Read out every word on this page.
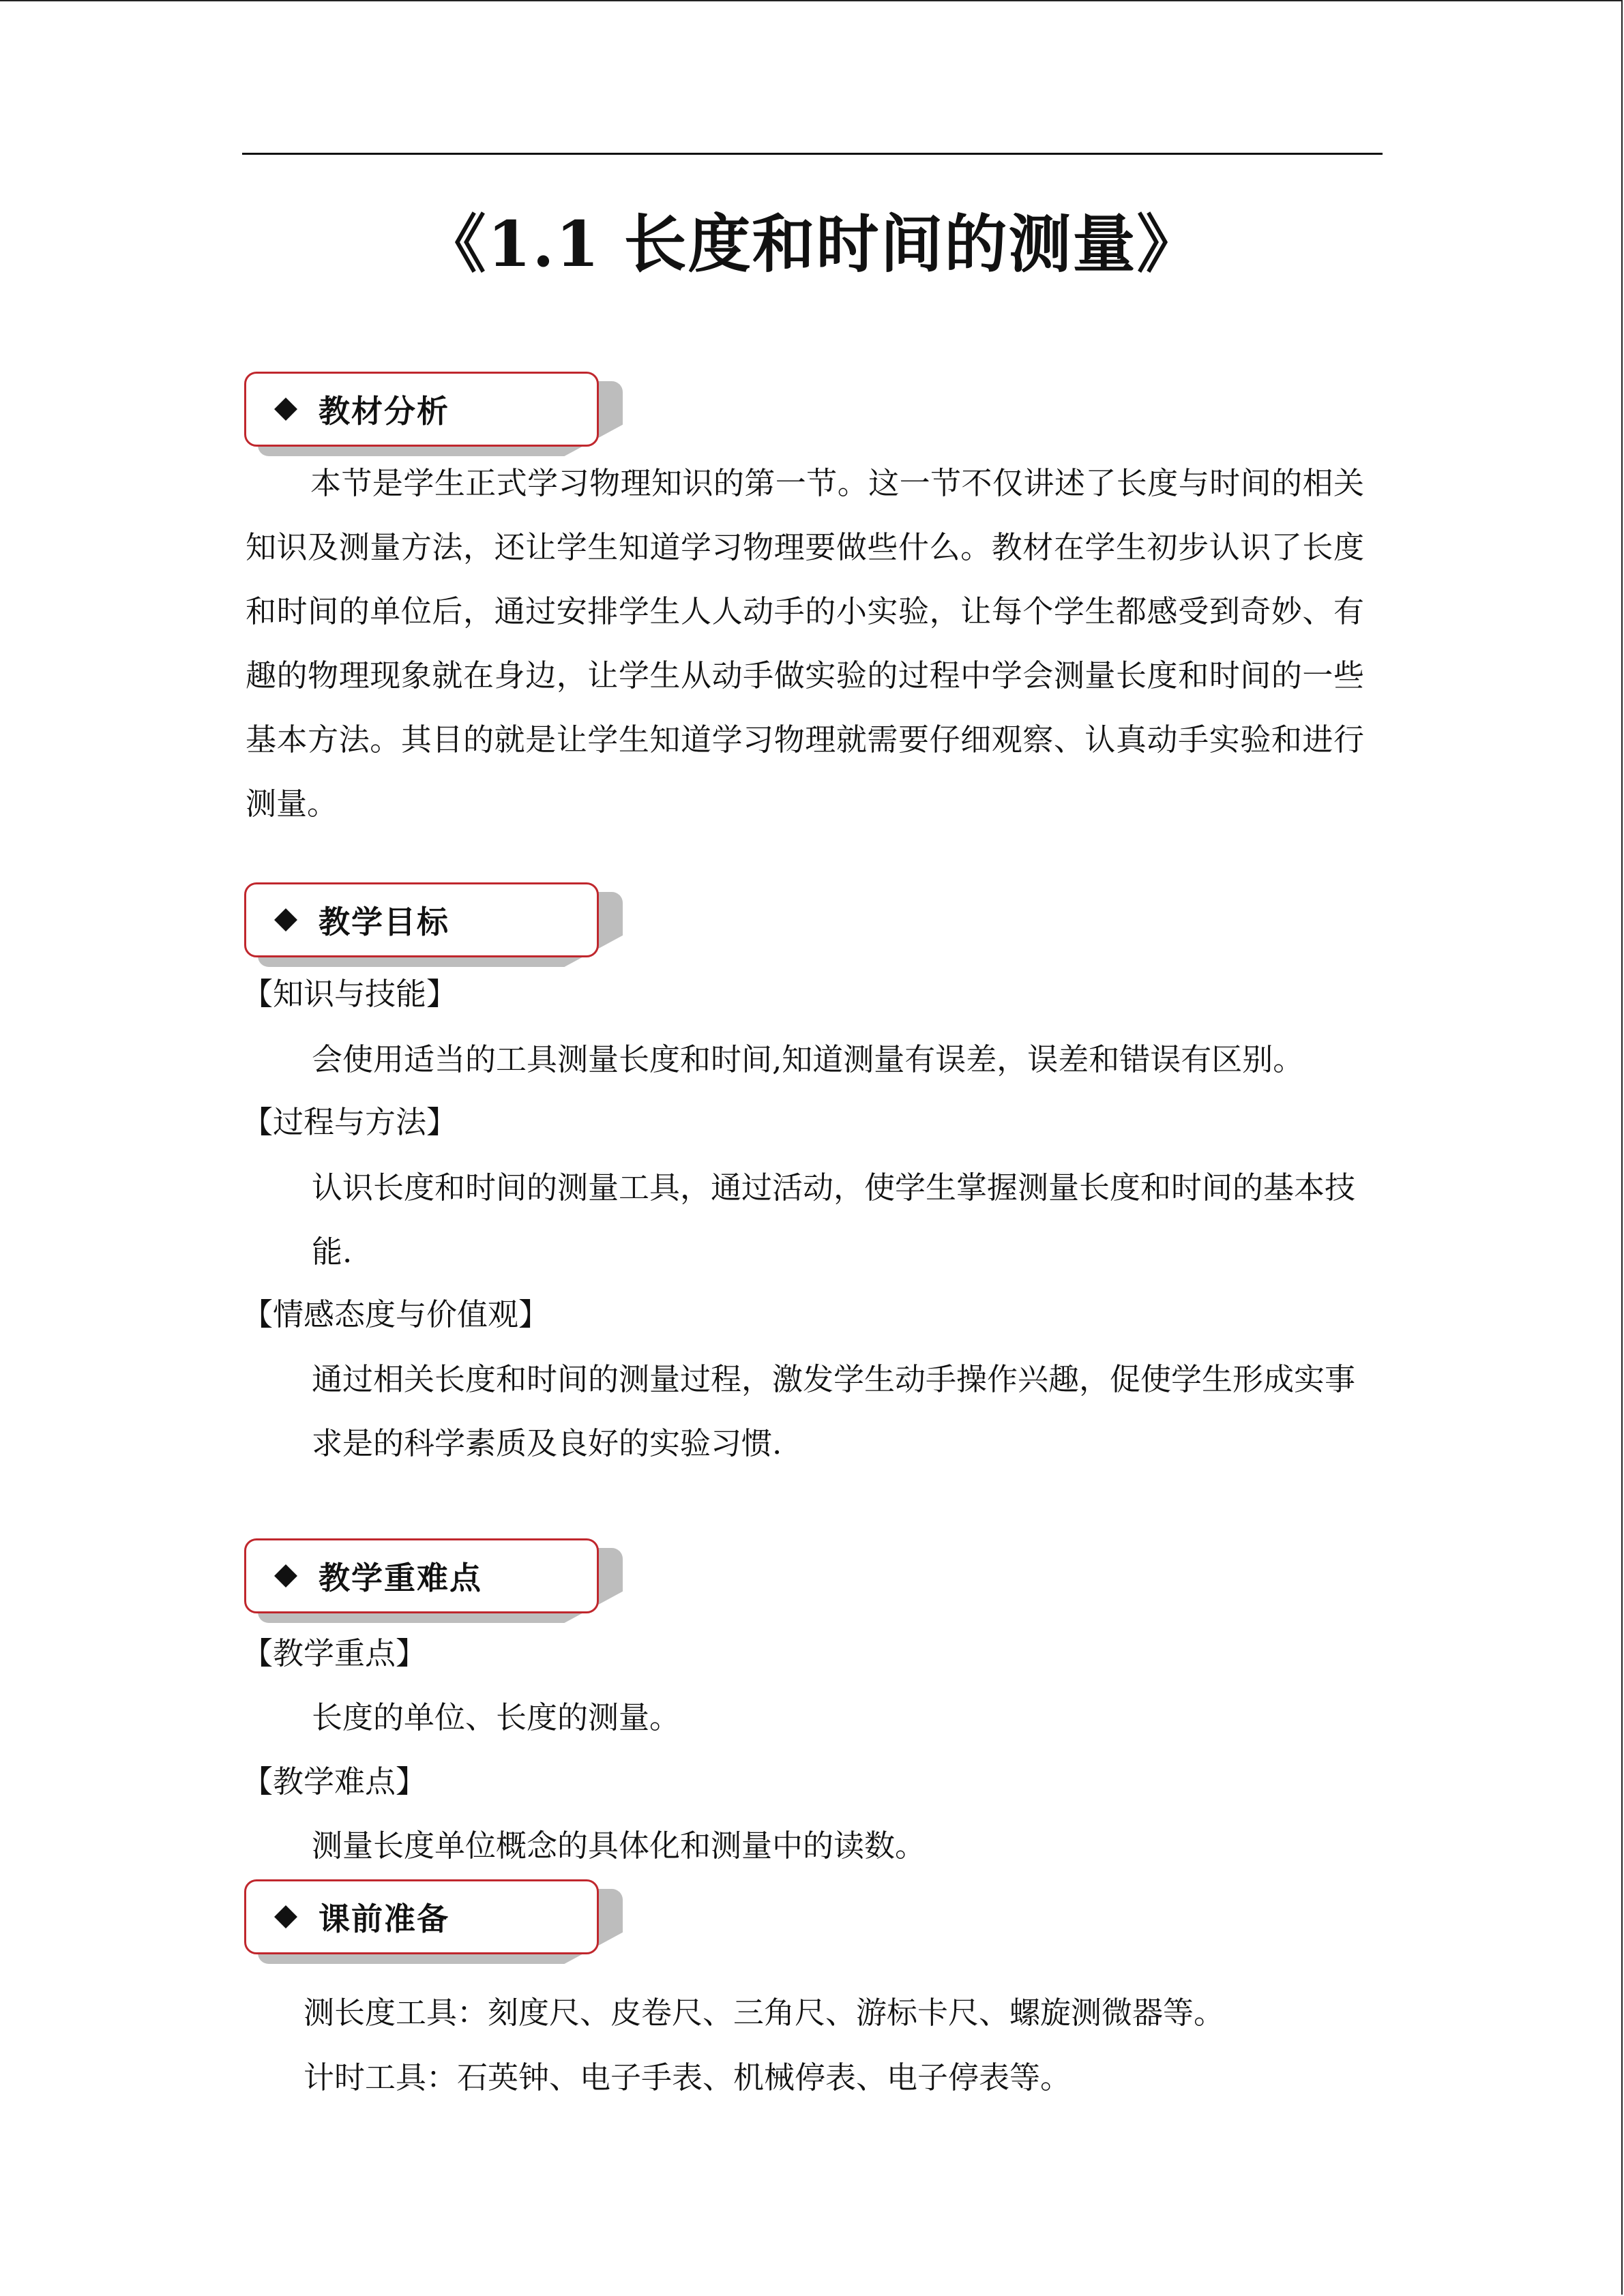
《1.1 长度和时间的测量》
教材分析

本节是学生正式学习物理知识的第一节。这一节不仅讲述了长度与时间的相关知识及测量方法，还让学生知道学习物理要做些什么。教材在学生初步认识了长度和时间的单位后，通过安排学生人人动手的小实验，让每个学生都感受到奇妙、有趣的物理现象就在身边，让学生从动手做实验的过程中学会测量长度和时间的一些基本方法。其目的就是让学生知道学习物理就需要仔细观察、认真动手实验和进行测量。

教学目标

【知识与技能】

会使用适当的工具测量长度和时间,知道测量有误差，误差和错误有区别。

【过程与方法】

认识长度和时间的测量工具，通过活动，使学生掌握测量长度和时间的基本技能.

【情感态度与价值观】

通过相关长度和时间的测量过程，激发学生动手操作兴趣，促使学生形成实事求是的科学素质及良好的实验习惯.

教学重难点

【教学重点】

长度的单位、长度的测量。

【教学难点】

测量长度单位概念的具体化和测量中的读数。

课前准备

测长度工具：刻度尺、皮卷尺、三角尺、游标卡尺、螺旋测微器等。

计时工具：石英钟、电子手表、机械停表、电子停表等。
